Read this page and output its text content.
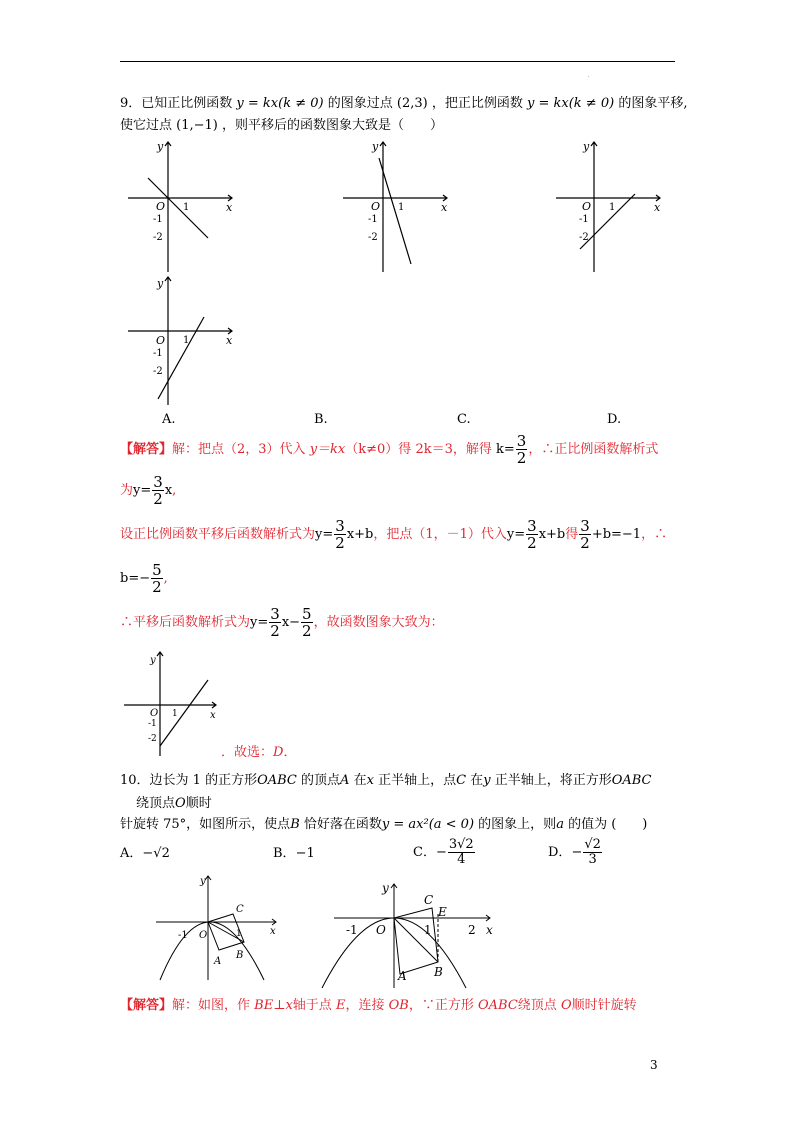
.
9．已知正比例函数 y = kx(k ≠ 0) 的图象过点 (2,3) ，把正比例函数 y = kx(k ≠ 0) 的图象平移,
使它过点 (1,−1) ，则平移后的函数图象大致是（　　）
y
x
O 1
-1
-2
y
x
O 1
-1
-2
y
x
O 1
-1
-2
y
x
O 1
-1
-2
A.	B.	C.	D.
【解答】解：把点（2，3）代入 y＝kx（k≠0）得 2k＝3，解得 $k= \frac{3}{2}$ ，∴正比例函数解析式
为$y= \frac{3}{2} x$,
设正比例函数平移后函数解析式为$y= \frac{3}{2} x+b$，把点（1，－1）代入$y= \frac{3}{2} x+b$得 $\frac{3}{2} +b=-1$，∴
$b=- \frac{5}{2}$ ,
∴平移后函数解析式为$y= \frac{3}{2} x- \frac{5}{2}$ ，故函数图象大致为：
y
x
O 1
-1
-2
．故选：D．
10．边长为 1 的正方形OABC 的顶点A 在x 正半轴上，点C 在y 正半轴上，将正方形OABC
绕顶点O顺时
针旋转 75°，如图所示，使点B 恰好落在函数y = ax²(a < 0) 的图象上，则a 的值为 (　　)
A．−√2	B．−1	C．− $\frac{3√2}{4}$	D．− $\frac{√2}{3}$
y
x
O
A
B
C
-1	1
y
x
O
A B
C
E
-1	1	2
【解答】解：如图，作 BE⊥x轴于点 E，连接 OB，∵正方形 OABC绕顶点 O顺时针旋转
3
